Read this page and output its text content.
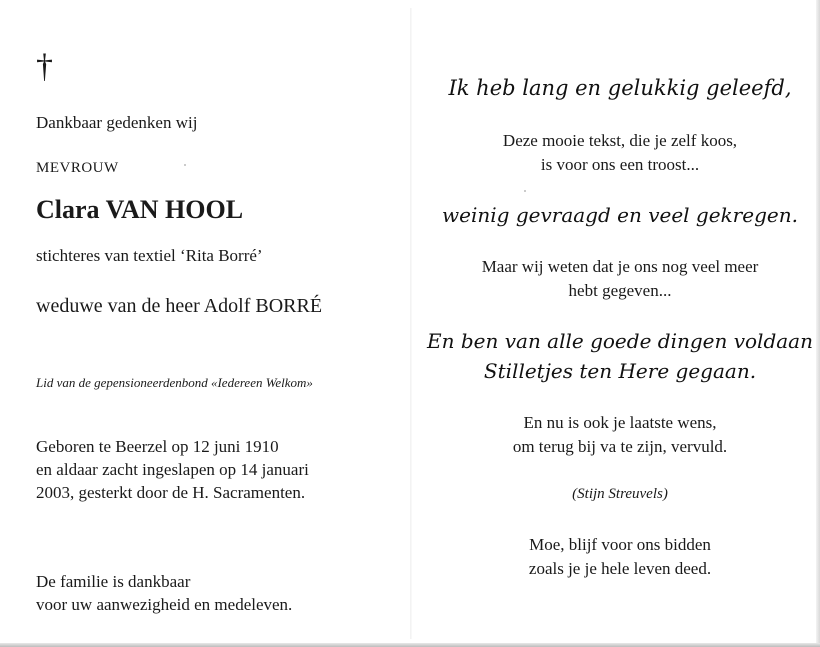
†
Dankbaar gedenken wij
MEVROUW
Clara VAN HOOL
stichteres van textiel ‘Rita Borré’
weduwe van de heer Adolf BORRÉ
Lid van de gepensioneerdenbond «Iedereen Welkom»
Geboren te Beerzel op 12 juni 1910
en aldaar zacht ingeslapen op 14 januari
2003, gesterkt door de H. Sacramenten.
De familie is dankbaar
voor uw aanwezigheid en medeleven.
Ik heb lang en gelukkig geleefd,
Deze mooie tekst, die je zelf koos,
is voor ons een troost...
weinig gevraagd en veel gekregen.
Maar wij weten dat je ons nog veel meer
hebt gegeven...
En ben van alle goede dingen voldaan
Stilletjes ten Here gegaan.
En nu is ook je laatste wens,
om terug bij va te zijn, vervuld.
(Stijn Streuvels)
Moe, blijf voor ons bidden
zoals je je hele leven deed.
